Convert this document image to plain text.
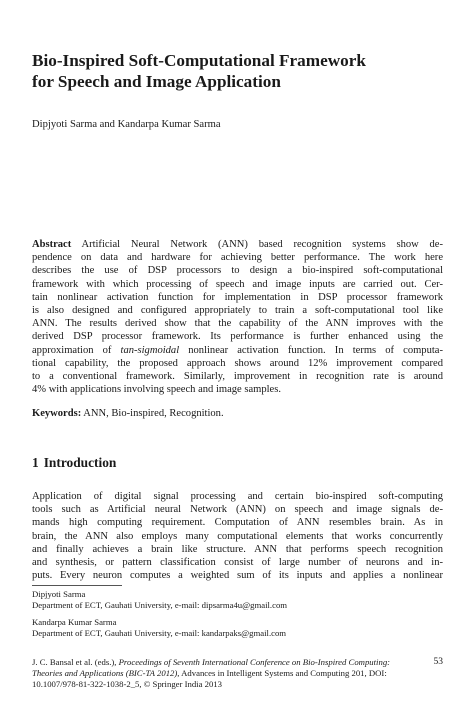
Bio-Inspired Soft-Computational Framework
for Speech and Image Application
Dipjyoti Sarma and Kandarpa Kumar Sarma

Abstract Artificial Neural Network (ANN) based recognition systems show de-
pendence on data and hardware for achieving better performance. The work here
describes the use of DSP processors to design a bio-inspired soft-computational
framework with which processing of speech and image inputs are carried out. Cer-
tain nonlinear activation function for implementation in DSP processor framework
is also designed and configured appropriately to train a soft-computational tool like
ANN. The results derived show that the capability of the ANN improves with the
derived DSP processor framework. Its performance is further enhanced using the
approximation of tan-sigmoidal nonlinear activation function. In terms of computa-
tional capability, the proposed approach shows around 12% improvement compared
to a conventional framework. Similarly, improvement in recognition rate is around
4% with applications involving speech and image samples.

Keywords: ANN, Bio-inspired, Recognition.

1 Introduction

Application of digital signal processing and certain bio-inspired soft-computing
tools such as Artificial neural Network (ANN) on speech and image signals de-
mands high computing requirement. Computation of ANN resembles brain. As in
brain, the ANN also employs many computational elements that works concurrently
and finally achieves a brain like structure. ANN that performs speech recognition
and synthesis, or pattern classification consist of large number of neurons and in-
puts. Every neuron computes a weighted sum of its inputs and applies a nonlinear

Dipjyoti Sarma
Department of ECT, Gauhati University, e-mail: dipsarma4u@gmail.com

Kandarpa Kumar Sarma
Department of ECT, Gauhati University, e-mail: kandarpaks@gmail.com

J. C. Bansal et al. (eds.), Proceedings of Seventh International Conference on Bio-Inspired Computing: Theories and Applications (BIC-TA 2012), Advances in Intelligent Systems and Computing 201, DOI: 10.1007/978-81-322-1038-2_5, © Springer India 2013

53
